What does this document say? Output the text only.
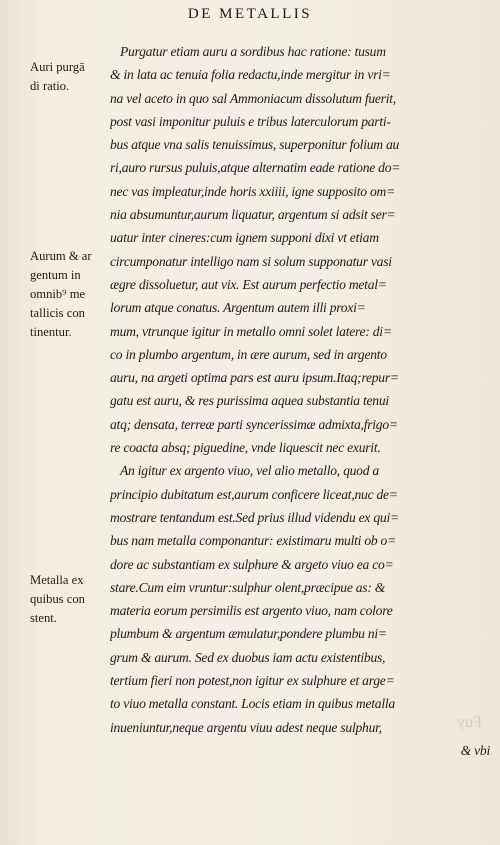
DE METALLIS
Auri purgā
di ratio.
Aurum & ar
gentum in
omnib⁹ me
tallicis con
tinentur.
Metalla ex
quibus con
stent.
Purgatur etiam auru a sordibus hac ratione: tusum
& in lata ac tenuia folia redactu,inde mergitur in vri=
na vel aceto in quo sal Ammoniacum dissolutum fuerit,
post vasi imponitur puluis e tribus laterculorum parti-
bus atque vna salis tenuissimus, superponitur folium au
ri,auro rursus puluis,atque alternatim eade ratione do=
nec vas impleatur,inde horis xxiiii, igne supposito om=
nia absumuntur,aurum liquatur, argentum si adsit ser=
uatur inter cineres:cum ignem supponi dixi vt etiam
circumponatur intelligo nam si solum supponatur vasi
ægre dissoluetur, aut vix. Est aurum perfectio metal=
lorum atque conatus. Argentum autem illi proxi=
mum, vtrunque igitur in metallo omni solet latere: di=
co in plumbo argentum, in ære aurum, sed in argento
auru, na argeti optima pars est auru ipsum.Itaq;repur=
gatu est auru, & res purissima aquea substantia tenui
atq; densata, terreæ parti syncerissimæ admixta,frigo=
re coacta absq; piguedine, vnde liquescit nec exurit.
An igitur ex argento viuo, vel alio metallo, quod a
principio dubitatum est,aurum conficere liceat,nuc de=
mostrare tentandum est.Sed prius illud videndu ex qui=
bus nam metalla componantur: existimaru multi ob o=
dore ac substantiam ex sulphure & argeto viuo ea co=
stare.Cum eim vruntur:sulphur olent,præcipue as: &
materia eorum persimilis est argento viuo, nam colore
plumbum & argentum æmulatur,pondere plumbu ni=
grum & aurum. Sed ex duobus iam actu existentibus,
tertium fieri non potest,non igitur ex sulphure et arge=
to viuo metalla constant. Locis etiam in quibus metalla
inueniuntur,neque argentu viuu adest neque sulphur,
& vbi
Fuy
